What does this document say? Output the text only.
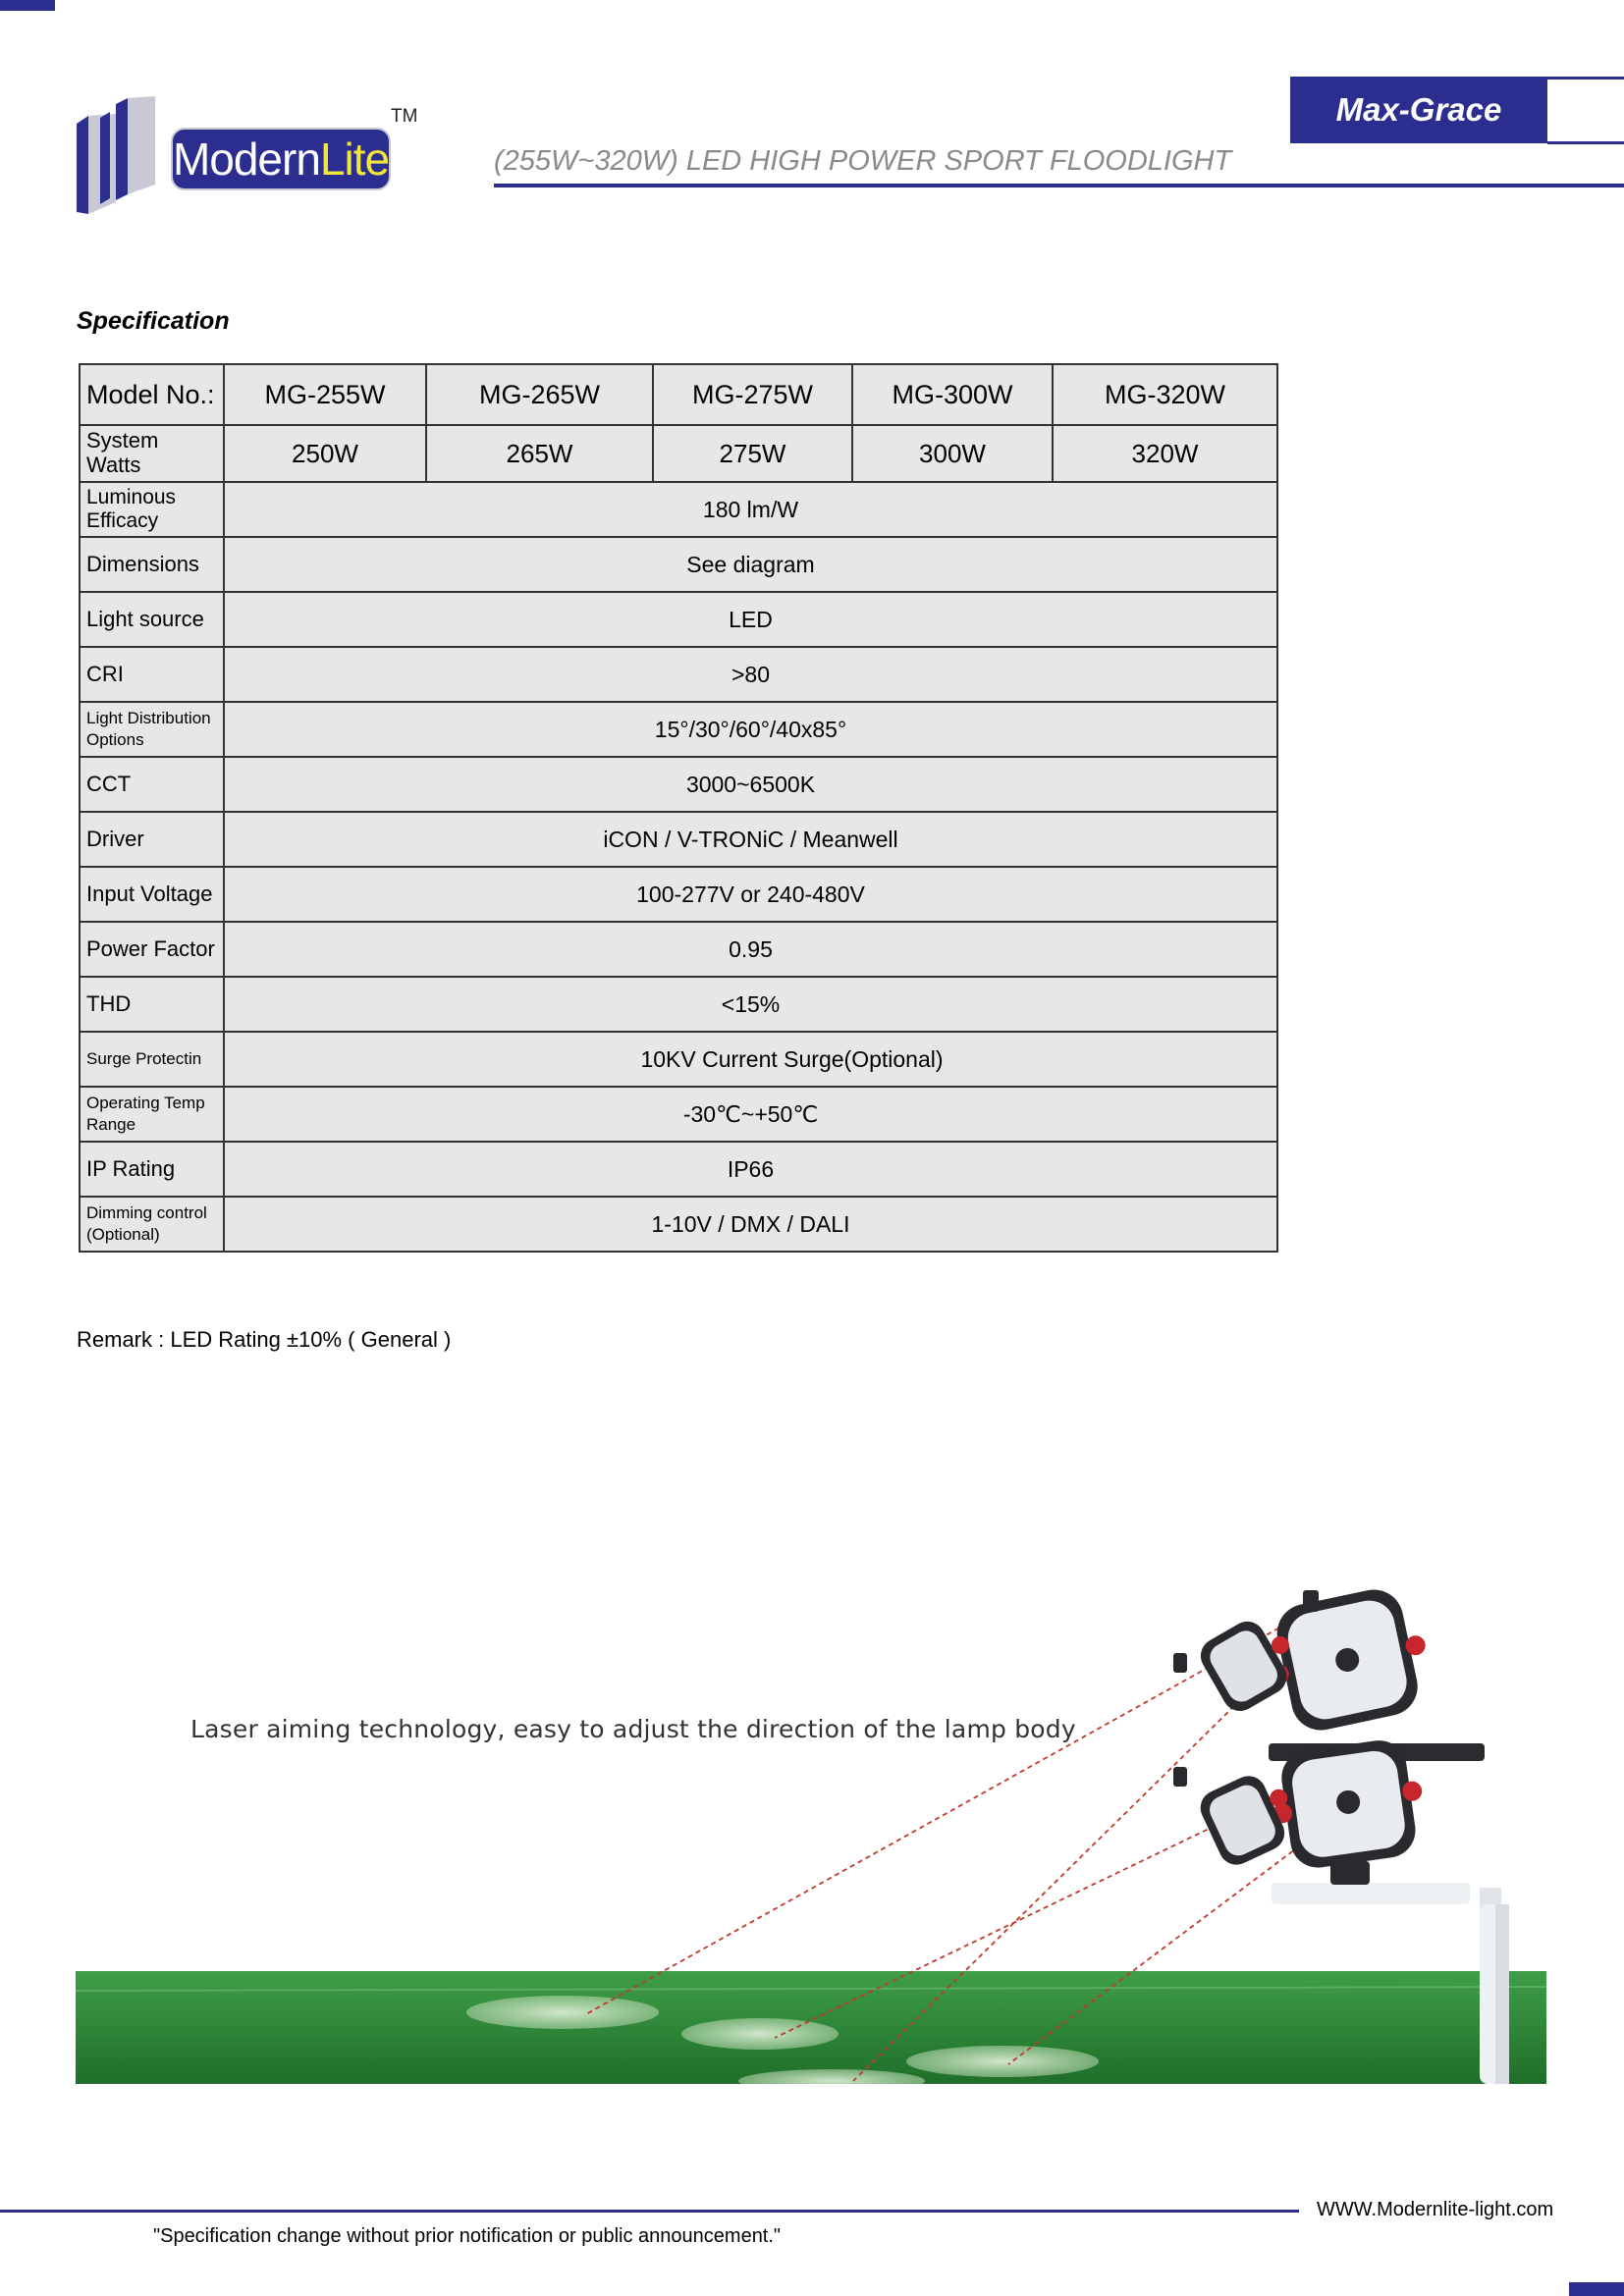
Modern Lite
TM	Max-Grace
(255W~320W) LED HIGH POWER SPORT FLOODLIGHT
Specification
Model No.:	MG-255W	MG-265W	MG-275W	MG-300W	MG-320W
System Watts	250W	265W	275W	300W	320W
Luminous Efficacy	180 lm/W				
Dimensions	See diagram				
Light source	LED				
CRI	>80				
Light Distribution Options	15°/30°/60°/40x85°				
CCT	3000~6500K				
Driver	iCON / V-TRONiC / Meanwell				
Input Voltage	100-277V or 240-480V				
Power Factor	0.95				
THD	<15%				
Surge Protectin	10KV Current Surge(Optional)				
Operating Temp Range	-30℃~+50℃				
IP Rating	IP66				
Dimming control (Optional)	1-10V / DMX / DALI				
Remark : LED Rating ±10% ( General )
Laser aiming technology, easy to adjust the direction of the lamp body
WWW.Modernlite-light.com
"Specification change without prior notification or public announcement."
